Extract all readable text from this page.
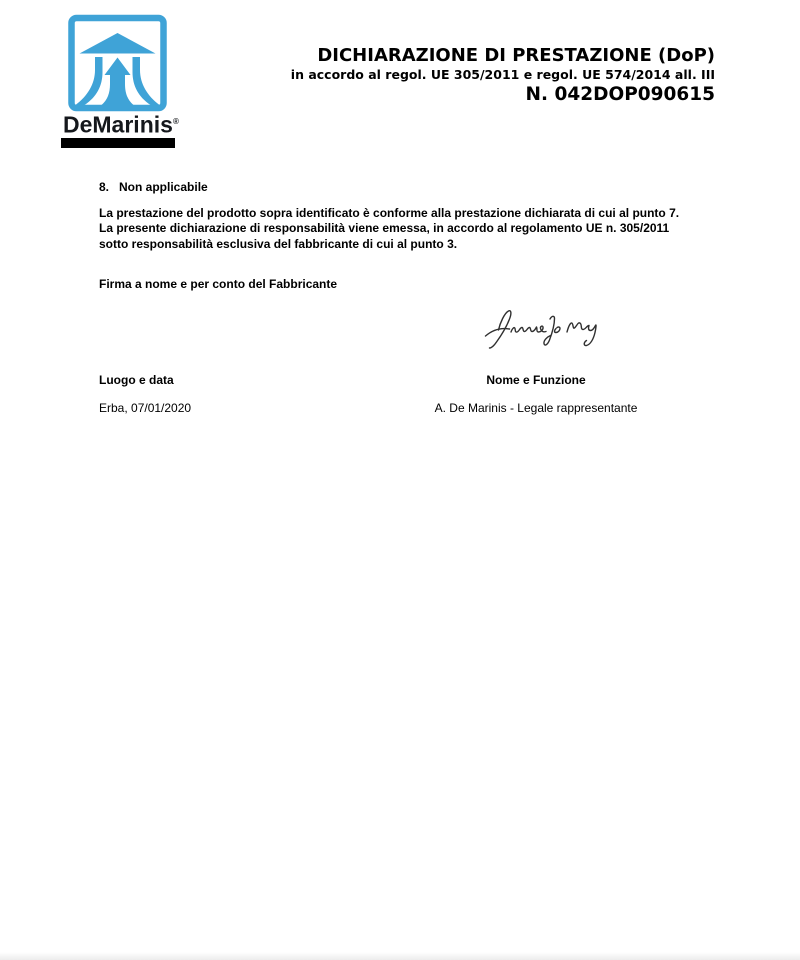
DeMarinis®
DICHIARAZIONE DI PRESTAZIONE (DoP)
in accordo al regol. UE 305/2011 e regol. UE 574/2014 all. III
N. 042DOP090615
8. Non applicabile
La prestazione del prodotto sopra identificato è conforme alla prestazione dichiarata di cui al punto 7.
La presente dichiarazione di responsabilità viene emessa, in accordo al regolamento UE n. 305/2011
sotto responsabilità esclusiva del fabbricante di cui al punto 3.
Firma a nome e per conto del Fabbricante
Luogo e data	Nome e Funzione
Erba, 07/01/2020	A. De Marinis - Legale rappresentante
